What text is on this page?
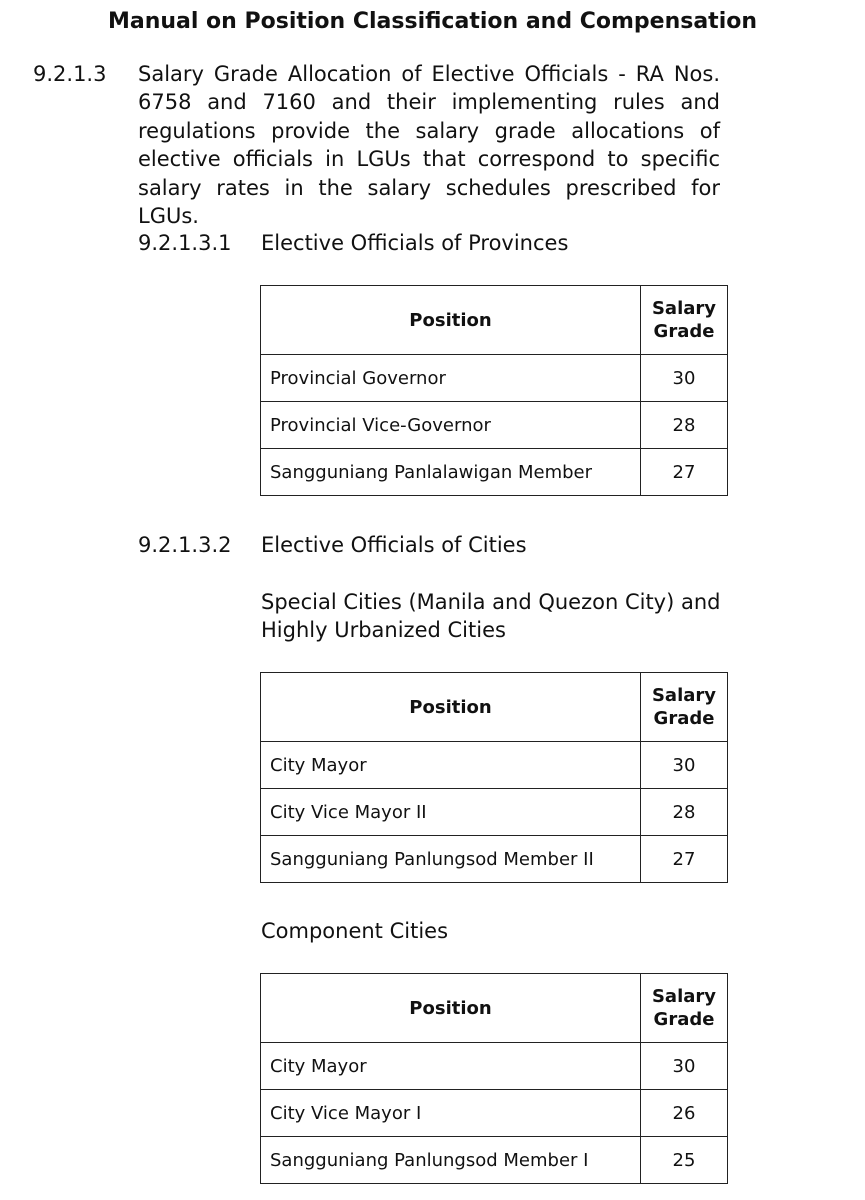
Manual on Position Classification and Compensation
9.2.1.3 Salary Grade Allocation of Elective Officials - RA Nos. 6758 and 7160 and their implementing rules and regulations provide the salary grade allocations of elective officials in LGUs that correspond to specific salary rates in the salary schedules prescribed for LGUs.
9.2.1.3.1 Elective Officials of Provinces
Position	Salary Grade
Provincial Governor	30
Provincial Vice-Governor	28
Sangguniang Panlalawigan Member	27
9.2.1.3.2 Elective Officials of Cities
Special Cities (Manila and Quezon City) and Highly Urbanized Cities
Position	Salary Grade
City Mayor	30
City Vice Mayor II	28
Sangguniang Panlungsod Member II	27
Component Cities
Position	Salary Grade
City Mayor	30
City Vice Mayor I	26
Sangguniang Panlungsod Member I	25
